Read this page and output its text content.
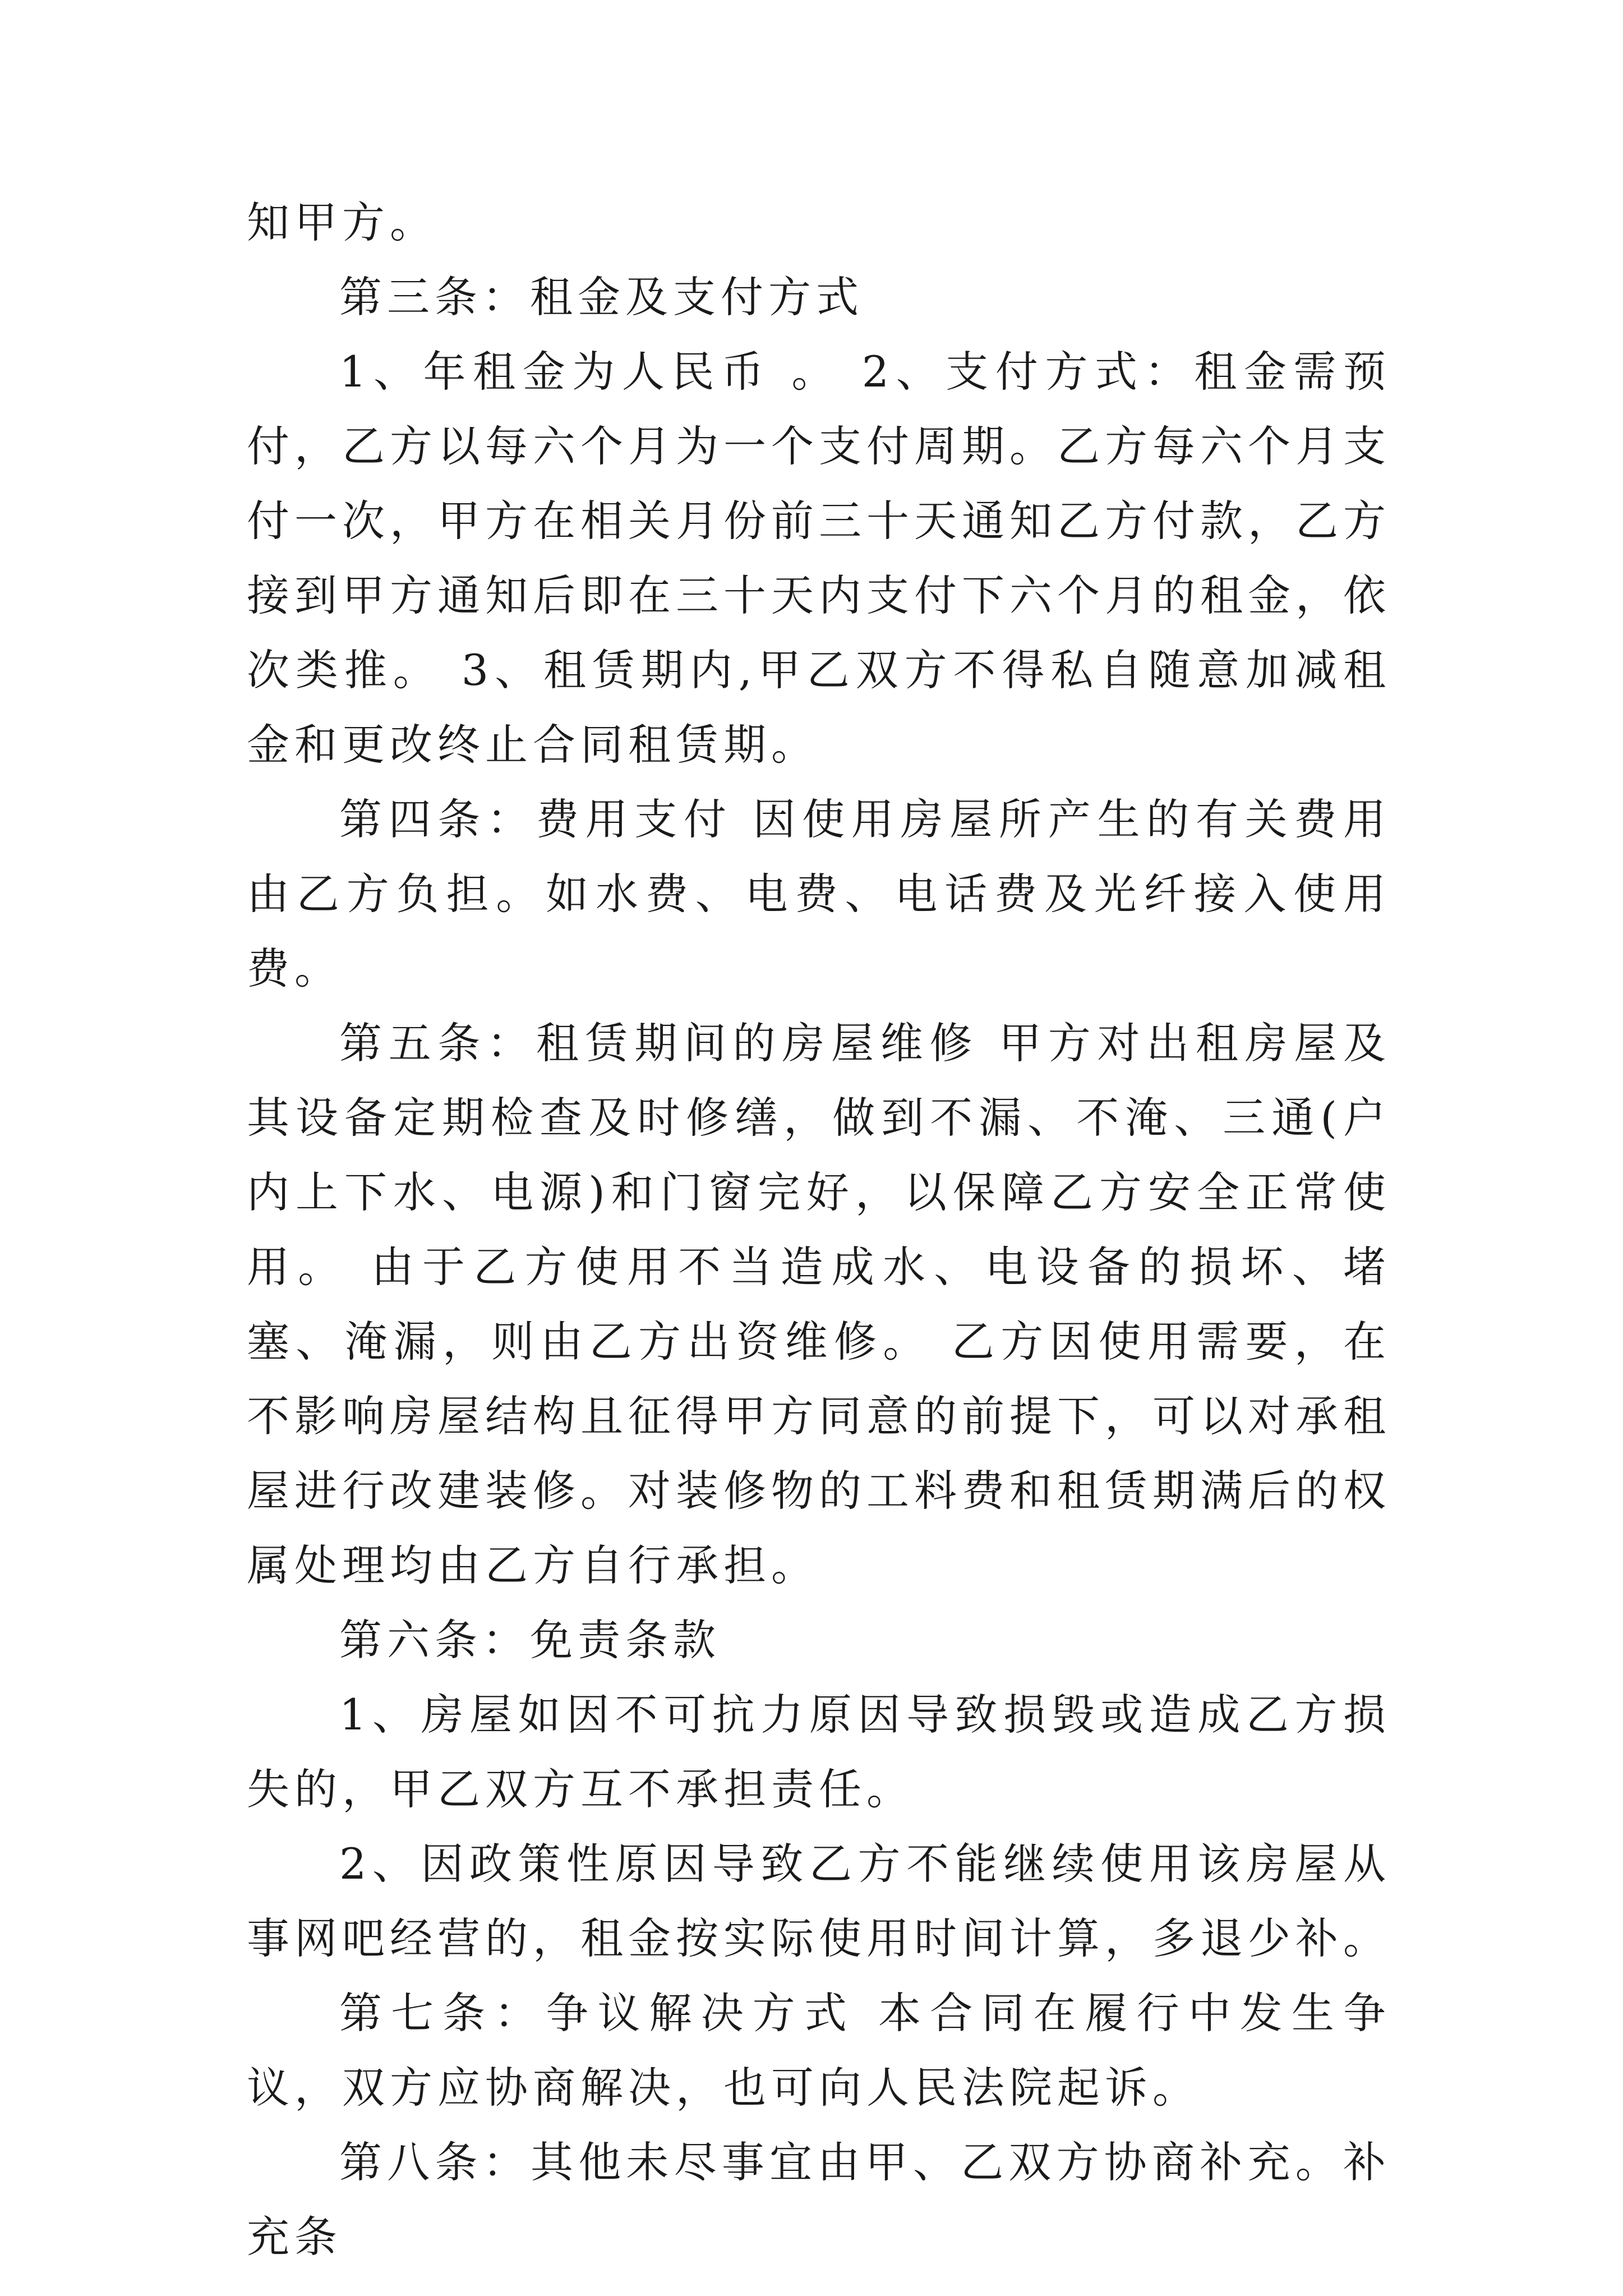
知甲方。

第三条：租金及支付方式

1、年租金为人民币 。 2、支付方式：租金需预付，乙方以每六个月为一个支付周期。乙方每六个月支付一次，甲方在相关月份前三十天通知乙方付款，乙方接到甲方通知后即在三十天内支付下六个月的租金，依次类推。 3、租赁期内,甲乙双方不得私自随意加减租金和更改终止合同租赁期。

第四条：费用支付 因使用房屋所产生的有关费用由乙方负担。如水费、电费、电话费及光纤接入使用费。

第五条：租赁期间的房屋维修 甲方对出租房屋及其设备定期检查及时修缮，做到不漏、不淹、三通(户内上下水、电源)和门窗完好，以保障乙方安全正常使用。 由于乙方使用不当造成水、电设备的损坏、堵塞、淹漏，则由乙方出资维修。 乙方因使用需要，在不影响房屋结构且征得甲方同意的前提下，可以对承租屋进行改建装修。对装修物的工料费和租赁期满后的权属处理均由乙方自行承担。

第六条：免责条款

1、房屋如因不可抗力原因导致损毁或造成乙方损失的，甲乙双方互不承担责任。

2、因政策性原因导致乙方不能继续使用该房屋从事网吧经营的，租金按实际使用时间计算，多退少补。

第七条：争议解决方式 本合同在履行中发生争议，双方应协商解决，也可向人民法院起诉。

第八条：其他未尽事宜由甲、乙双方协商补充。补充条
